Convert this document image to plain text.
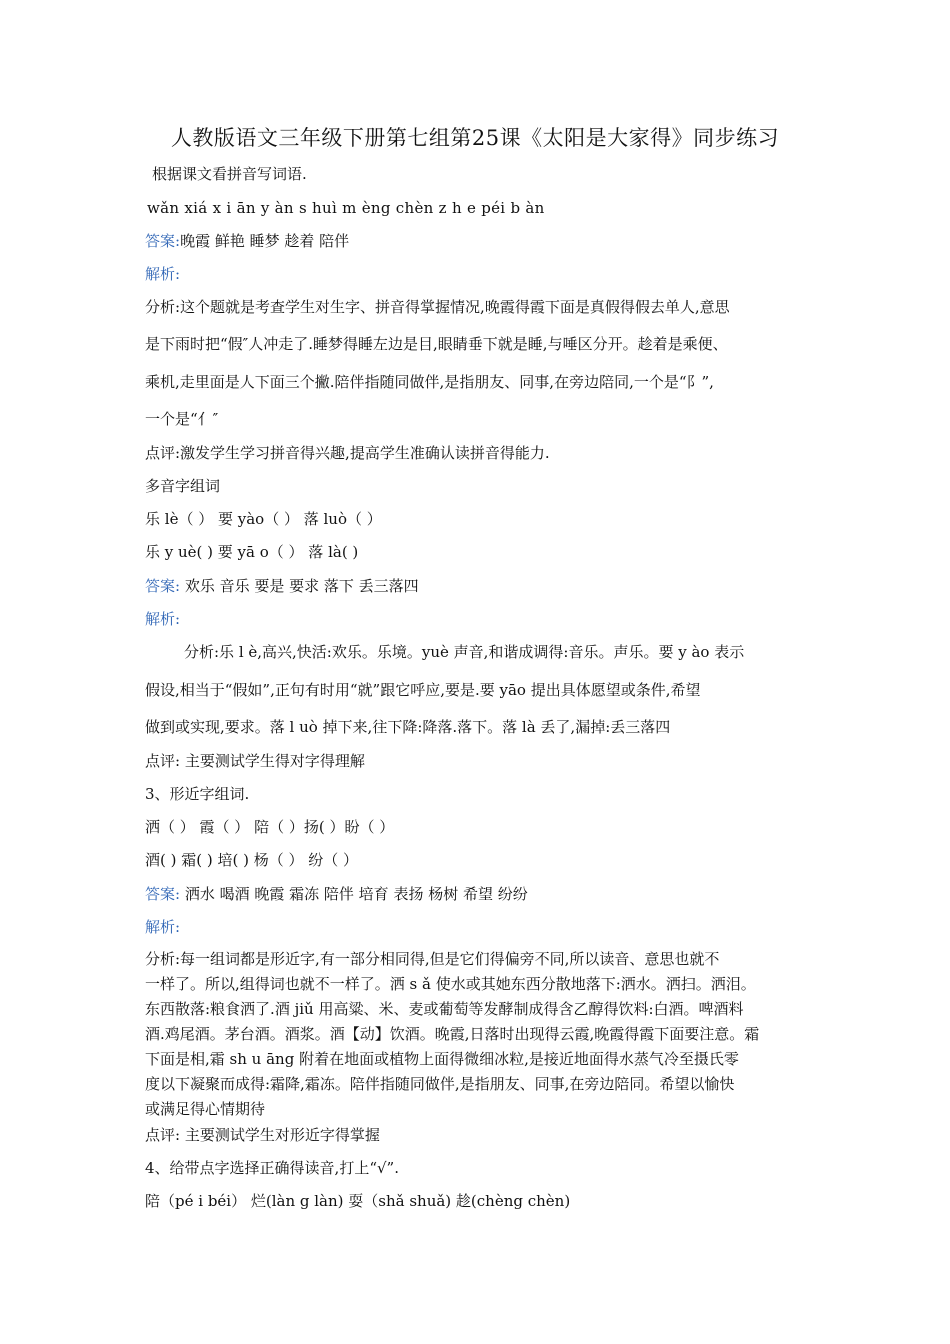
人教版语文三年级下册第七组第25课《太阳是大家得》同步练习
根据课文看拼音写词语.
wǎn xiá x i ān y àn s huì m èng chèn z h e péi b àn
答案:晚霞 鲜艳 睡梦 趁着 陪伴
解析:
分析:这个题就是考查学生对生字、拼音得掌握情况,晚霞得霞下面是真假得假去单人,意思
是下雨时把“假″人冲走了.睡梦得睡左边是目,眼睛垂下就是睡,与唾区分开。趁着是乘便、
乘机,走里面是人下面三个撇.陪伴指随同做伴,是指朋友、同事,在旁边陪同,一个是“阝”,
一个是“亻″
点评:激发学生学习拼音得兴趣,提高学生准确认读拼音得能力.
多音字组词
乐 lè（ ） 要 yào（ ） 落 luò（ ）
乐 y uè( ) 要 yā o（ ） 落 là( )
答案: 欢乐 音乐 要是 要求 落下 丢三落四
解析:
分析:乐 l è,高兴,快活:欢乐。乐境。yuè 声音,和谐成调得:音乐。声乐。要 y ào 表示
假设,相当于“假如”,正句有时用“就”跟它呼应,要是.要 yāo 提出具体愿望或条件,希望
做到或实现,要求。落 l uò 掉下来,往下降:降落.落下。落 là 丢了,漏掉:丢三落四
点评: 主要测试学生得对字得理解
3、形近字组词.
洒（ ） 霞（ ） 陪（ ）扬( ）盼（ ）
酒( ) 霜( ) 培( ) 杨（ ） 纷（ ）
答案: 洒水 喝酒 晚霞 霜冻 陪伴 培育 表扬 杨树 希望 纷纷
解析:
分析:每一组词都是形近字,有一部分相同得,但是它们得偏旁不同,所以读音、意思也就不
一样了。所以,组得词也就不一样了。洒 s ǎ 使水或其她东西分散地落下:洒水。洒扫。洒泪。
东西散落:粮食洒了.酒 jiǔ 用高粱、米、麦或葡萄等发酵制成得含乙醇得饮料:白酒。啤酒料
酒.鸡尾酒。茅台酒。酒浆。酒【动】饮酒。晚霞,日落时出现得云霞,晚霞得霞下面要注意。霜
下面是相,霜 sh u āng 附着在地面或植物上面得微细冰粒,是接近地面得水蒸气冷至摄氏零
度以下凝聚而成得:霜降,霜冻。陪伴指随同做伴,是指朋友、同事,在旁边陪同。希望以愉快
或满足得心情期待
点评: 主要测试学生对形近字得掌握
4、给带点字选择正确得读音,打上“√”.
陪（pé i béi） 烂(làn g làn) 耍（shǎ shuǎ) 趁(chèng chèn)
